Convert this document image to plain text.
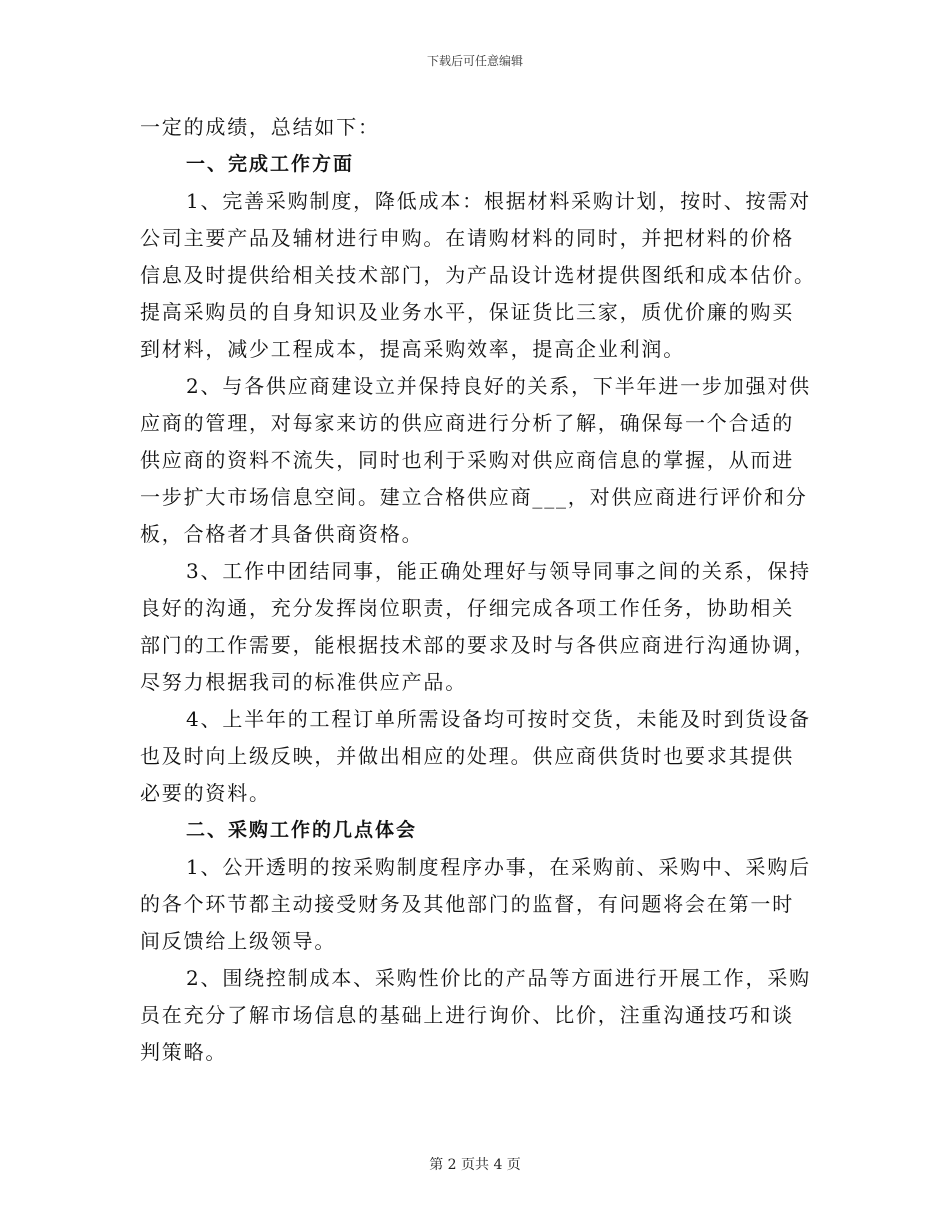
下载后可任意编辑
一定的成绩，总结如下：
一、完成工作方面
1、完善采购制度，降低成本：根据材料采购计划，按时、按需对
公司主要产品及辅材进行申购。在请购材料的同时，并把材料的价格
信息及时提供给相关技术部门，为产品设计选材提供图纸和成本估价。
提高采购员的自身知识及业务水平，保证货比三家，质优价廉的购买
到材料，减少工程成本，提高采购效率，提高企业利润。
2、与各供应商建设立并保持良好的关系，下半年进一步加强对供
应商的管理，对每家来访的供应商进行分析了解，确保每一个合适的
供应商的资料不流失，同时也利于采购对供应商信息的掌握，从而进
一步扩大市场信息空间。建立合格供应商___，对供应商进行评价和分
板，合格者才具备供商资格。
3、工作中团结同事，能正确处理好与领导同事之间的关系，保持
良好的沟通，充分发挥岗位职责，仔细完成各项工作任务，协助相关
部门的工作需要，能根据技术部的要求及时与各供应商进行沟通协调，
尽努力根据我司的标准供应产品。
4、上半年的工程订单所需设备均可按时交货，未能及时到货设备
也及时向上级反映，并做出相应的处理。供应商供货时也要求其提供
必要的资料。
二、采购工作的几点体会
1、公开透明的按采购制度程序办事，在采购前、采购中、采购后
的各个环节都主动接受财务及其他部门的监督，有问题将会在第一时
间反馈给上级领导。
2、围绕控制成本、采购性价比的产品等方面进行开展工作，采购
员在充分了解市场信息的基础上进行询价、比价，注重沟通技巧和谈
判策略。
第 2 页共 4 页
